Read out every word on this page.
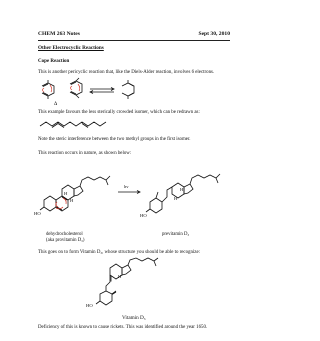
CHEM 263 Notes	Sept 30, 2010
Other Electrocyclic Reactions
Cope Reaction
This is another pericyclic reaction that, like the Diels-Alder reaction, involves 6 electrons.
Δ
This example favours the less sterically crowded isomer, which can be redrawn as:
Note the steric interference between the two methyl groups in the first isomer.
This reaction occurs in nature, as shown below:
hv
HO	HO
H
H	H
H
dehydrocholesterol
(aka provitamin D₃)
previtamin D₃
This goes on to form Vitamin D₃, whose structure you should be able to recognize:
H
HO
Vitamin D₃
Deficiency of this is known to cause rickets. This was identified around the year 1650.
